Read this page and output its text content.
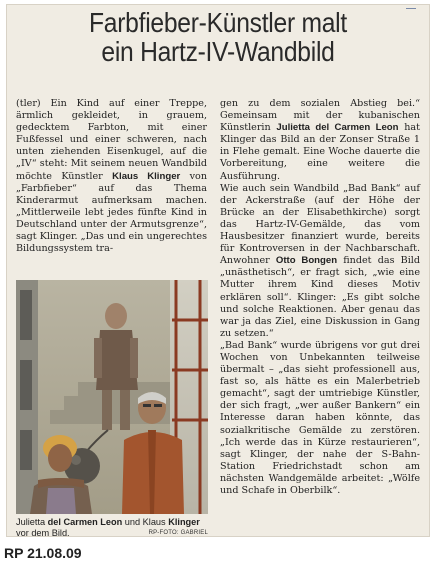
Farbfieber-Künstler malt
ein Hartz-IV-Wandbild

(tler) Ein Kind auf einer Treppe, ärmlich gekleidet, in grauem, gedecktem Farbton, mit einer Fußfessel und einer schweren, nach unten ziehenden Eisenkugel, auf die „IV“ steht: Mit seinem neuen Wandbild möchte Künstler Klaus Klinger von „Farbfieber“ auf das Thema Kinderarmut aufmerksam machen. „Mittlerweile lebt jedes fünfte Kind in Deutschland unter der Armutsgrenze“, sagt Klinger. „Das und ein ungerechtes Bildungssystem tra-

Julietta del Carmen Leon und Klaus Klinger vor dem Bild.	RP-FOTO: GABRIEL

gen zu dem sozialen Abstieg bei.“ Gemeinsam mit der kubanischen Künstlerin Julietta del Carmen Leon hat Klinger das Bild an der Zonser Straße 1 in Flehe gemalt. Eine Woche dauerte die Vorbereitung, eine weitere die Ausführung.

Wie auch sein Wandbild „Bad Bank“ auf der Ackerstraße (auf der Höhe der Brücke an der Elisabethkirche) sorgt das Hartz-IV-Gemälde, das vom Hausbesitzer finanziert wurde, bereits für Kontroversen in der Nachbarschaft. Anwohner Otto Bongen findet das Bild „unästhetisch“, er fragt sich, „wie eine Mutter ihrem Kind dieses Motiv erklären soll“. Klinger: „Es gibt solche und solche Reaktionen. Aber genau das war ja das Ziel, eine Diskussion in Gang zu setzen.“

„Bad Bank“ wurde übrigens vor gut drei Wochen von Unbekannten teilweise übermalt – „das sieht professionell aus, fast so, als hätte es ein Malerbetrieb gemacht“, sagt der umtriebige Künstler, der sich fragt, „wer außer Bankern“ ein Interesse daran haben könnte, das sozialkritische Gemälde zu zerstören. „Ich werde das in Kürze restaurieren“, sagt Klinger, der nahe der S-Bahn-Station Friedrichstadt schon am nächsten Wandgemälde arbeitet: „Wölfe und Schafe in Oberbilk“.

RP 21.08.09
